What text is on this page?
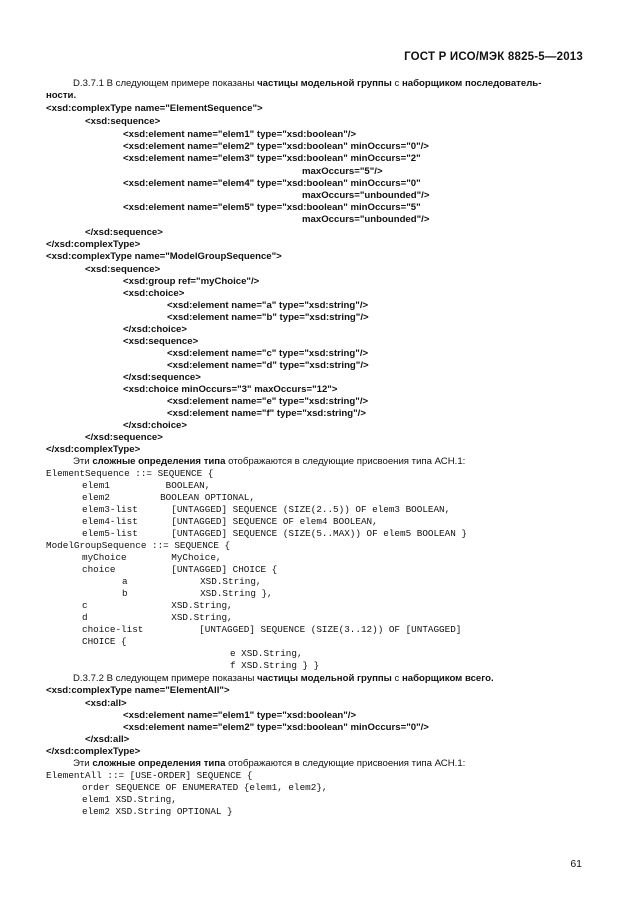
ГОСТ Р ИСО/МЭК 8825-5—2013
D.3.7.1 В следующем примере показаны частицы модельной группы с наборщиком последователь-
ности.
<xsd:complexType name="ElementSequence">
<xsd:sequence>
<xsd:element name="elem1" type="xsd:boolean"/>
<xsd:element name="elem2" type="xsd:boolean" minOccurs="0"/>
<xsd:element name="elem3" type="xsd:boolean" minOccurs="2"
maxOccurs="5"/>
<xsd:element name="elem4" type="xsd:boolean" minOccurs="0"
maxOccurs="unbounded"/>
<xsd:element name="elem5" type="xsd:boolean" minOccurs="5"
maxOccurs="unbounded"/>
</xsd:sequence>
</xsd:complexType>
<xsd:complexType name="ModelGroupSequence">
<xsd:sequence>
<xsd:group ref="myChoice"/>
<xsd:choice>
<xsd:element name="a" type="xsd:string"/>
<xsd:element name="b" type="xsd:string"/>
</xsd:choice>
<xsd:sequence>
<xsd:element name="c" type="xsd:string"/>
<xsd:element name="d" type="xsd:string"/>
</xsd:sequence>
<xsd:choice minOccurs="3" maxOccurs="12">
<xsd:element name="e" type="xsd:string"/>
<xsd:element name="f" type="xsd:string"/>
</xsd:choice>
</xsd:sequence>
</xsd:complexType>
Эти сложные определения типа отображаются в следующие присвоения типа АСН.1:
ElementSequence ::= SEQUENCE {
elem1          BOOLEAN,
elem2         BOOLEAN OPTIONAL,
elem3-list      [UNTAGGED] SEQUENCE (SIZE(2..5)) OF elem3 BOOLEAN,
elem4-list      [UNTAGGED] SEQUENCE OF elem4 BOOLEAN,
elem5-list      [UNTAGGED] SEQUENCE (SIZE(5..MAX)) OF elem5 BOOLEAN }
ModelGroupSequence ::= SEQUENCE {
myChoice        MyChoice,
choice          [UNTAGGED] CHOICE {
a             XSD.String,
b             XSD.String },
c               XSD.String,
d               XSD.String,
choice-list          [UNTAGGED] SEQUENCE (SIZE(3..12)) OF [UNTAGGED]
CHOICE {
e XSD.String,
f XSD.String } }
D.3.7.2 В следующем примере показаны частицы модельной группы с наборщиком всего.
<xsd:complexType name="ElementAll">
<xsd:all>
<xsd:element name="elem1" type="xsd:boolean"/>
<xsd:element name="elem2" type="xsd:boolean" minOccurs="0"/>
</xsd:all>
</xsd:complexType>
Эти сложные определения типа отображаются в следующие присвоения типа АСН.1:
ElementAll ::= [USE-ORDER] SEQUENCE {
order SEQUENCE OF ENUMERATED {elem1, elem2},
elem1 XSD.String,
elem2 XSD.String OPTIONAL }
61
